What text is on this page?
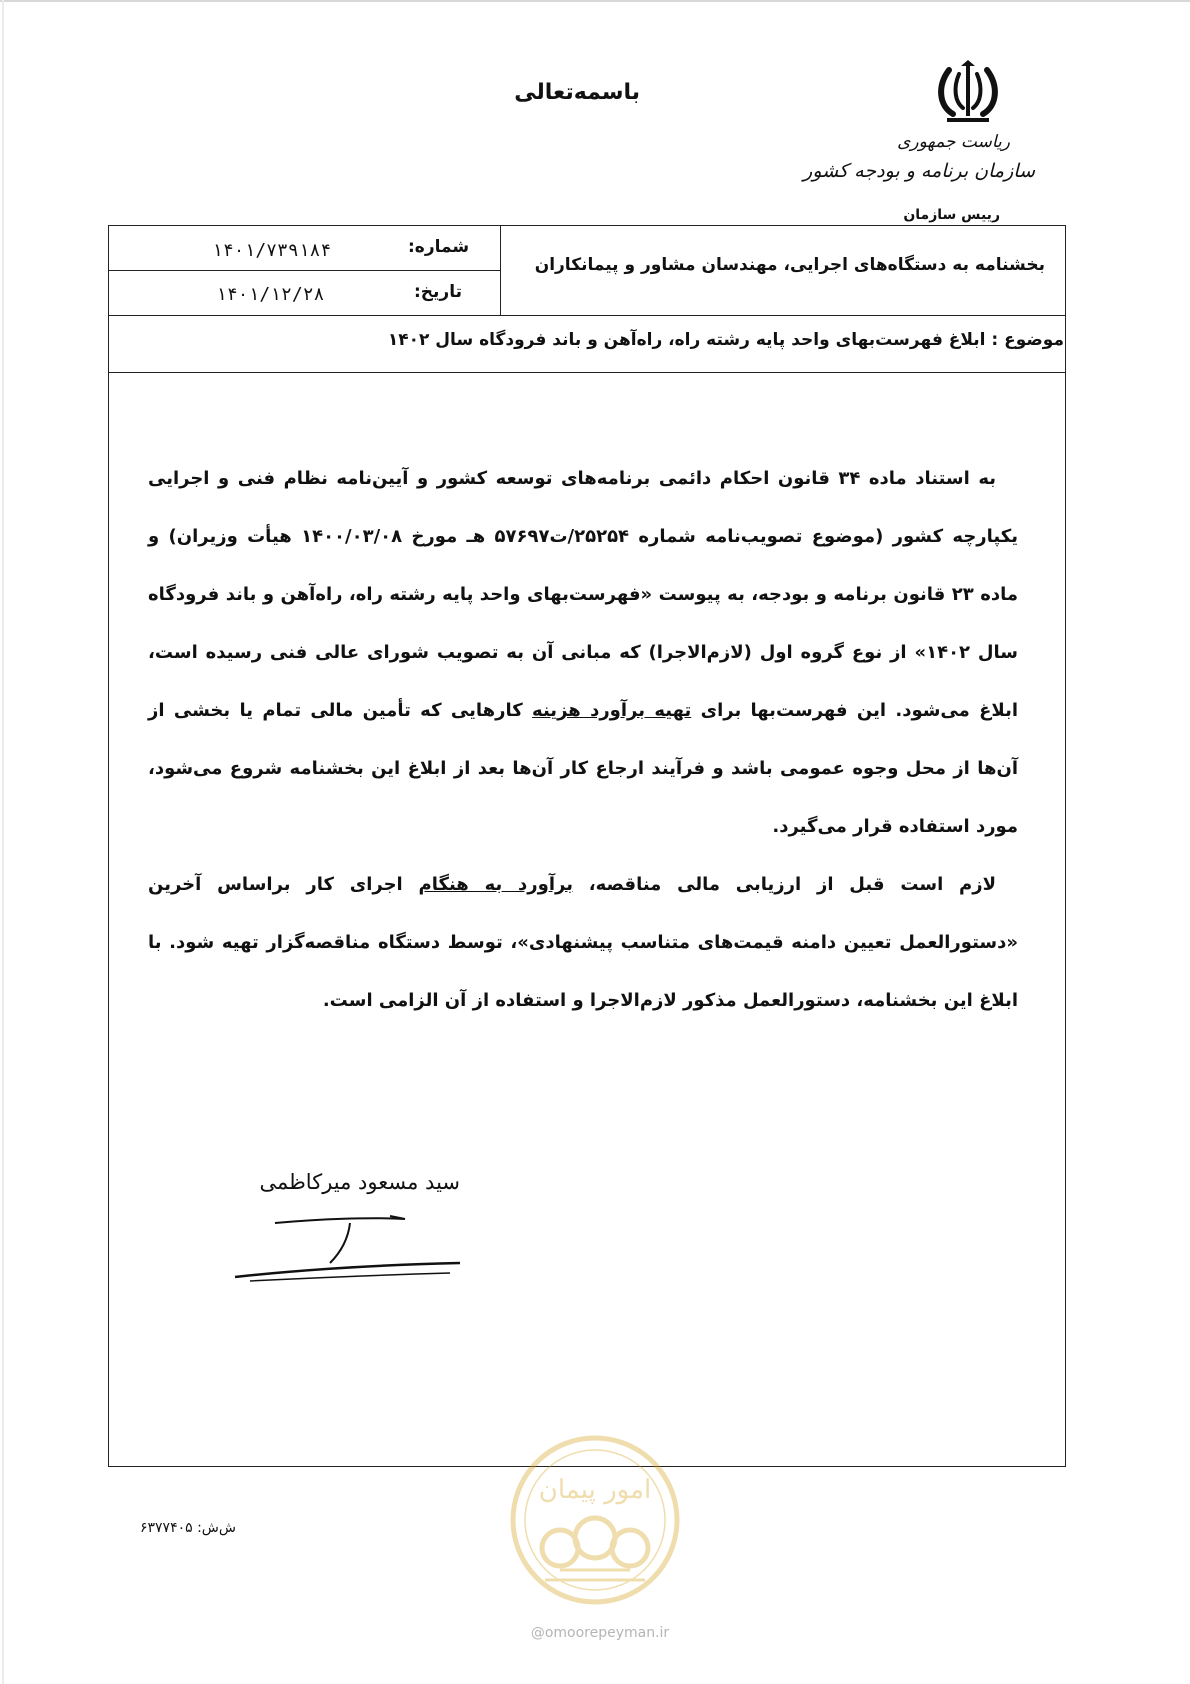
باسمه‌تعالی
ریاست جمهوری
سازمان برنامه و بودجه کشور
رییس سازمان
شماره:
۱۴۰۱/۷۳۹۱۸۴
تاریخ:
۱۴۰۱/۱۲/۲۸
بخشنامه به دستگاه‌های اجرایی، مهندسان مشاور و پیمانکاران
موضوع : ابلاغ فهرست‌بهای واحد پایه رشته راه، راه‌آهن و باند فرودگاه سال ۱۴۰۲

به استناد ماده ۳۴ قانون احکام دائمی برنامه‌های توسعه کشور و آیین‌نامه نظام فنی و اجرایی یکپارچه کشور (موضوع تصویب‌نامه شماره ۲۵۲۵۴/ت۵۷۶۹۷ هـ مورخ ۱۴۰۰/۰۳/۰۸ هیأت وزیران) و ماده ۲۳ قانون برنامه و بودجه، به پیوست «فهرست‌بهای واحد پایه رشته راه، راه‌آهن و باند فرودگاه سال ۱۴۰۲» از نوع گروه اول (لازم‌الاجرا) که مبانی آن به تصویب شورای عالی فنی رسیده است، ابلاغ می‌شود. این فهرست‌بها برای تهیه برآورد هزینه کارهایی که تأمین مالی تمام یا بخشی از آن‌ها از محل وجوه عمومی باشد و فرآیند ارجاع کار آن‌ها بعد از ابلاغ این بخشنامه شروع می‌شود، مورد استفاده قرار می‌گیرد.

لازم است قبل از ارزیابی مالی مناقصه، برآورد به هنگام اجرای کار براساس آخرین «دستورالعمل تعیین دامنه قیمت‌های متناسب پیشنهادی»، توسط دستگاه مناقصه‌گزار تهیه شود. با ابلاغ این بخشنامه، دستورالعمل مذکور لازم‌الاجرا و استفاده از آن الزامی است.

سید مسعود میرکاظمی
ش‌ش: ۶۳۷۷۴۰۵
امور پیمان
@omoorepeyman.ir
